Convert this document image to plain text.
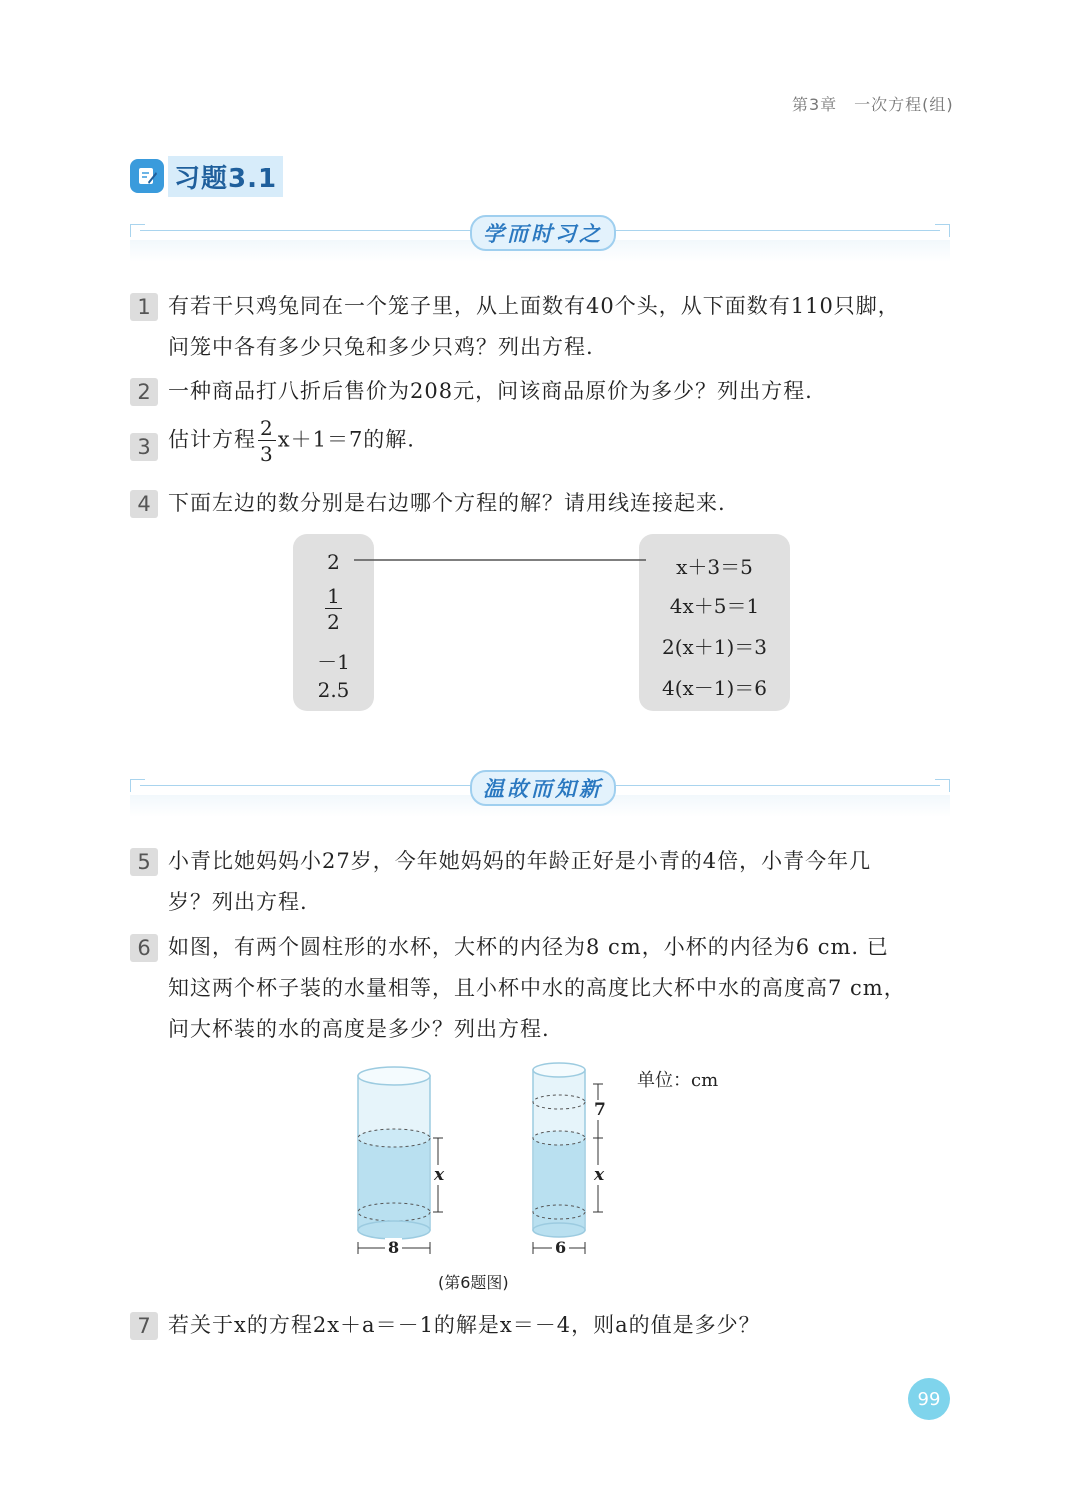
第3章　一次方程(组)
习题3.1
学而时习之
1 有若干只鸡兔同在一个笼子里，从上面数有40个头，从下面数有110只脚，
问笼中各有多少只兔和多少只鸡？列出方程.
2 一种商品打八折后售价为208元，问该商品原价为多少？列出方程.
3 估计方程 $\frac{2}{3} x+1=7$的解.
4 下面左边的数分别是右边哪个方程的解？请用线连接起来.
2
$\frac{1}{2}$
－1
2.5
x＋3＝5
4x＋5＝1
2(x＋1)＝3
4(x－1)＝6
温故而知新
5 小青比她妈妈小27岁，今年她妈妈的年龄正好是小青的4倍，小青今年几
岁？列出方程.
6 如图，有两个圆柱形的水杯，大杯的内径为8 cm，小杯的内径为6 cm. 已
知这两个杯子装的水量相等，且小杯中水的高度比大杯中水的高度高7 cm，
问大杯装的水的高度是多少？列出方程.
单位：cm
x	x
7
8	6
(第6题图)
7 若关于x的方程2x＋a＝－1的解是x＝－4，则a的值是多少？
99
